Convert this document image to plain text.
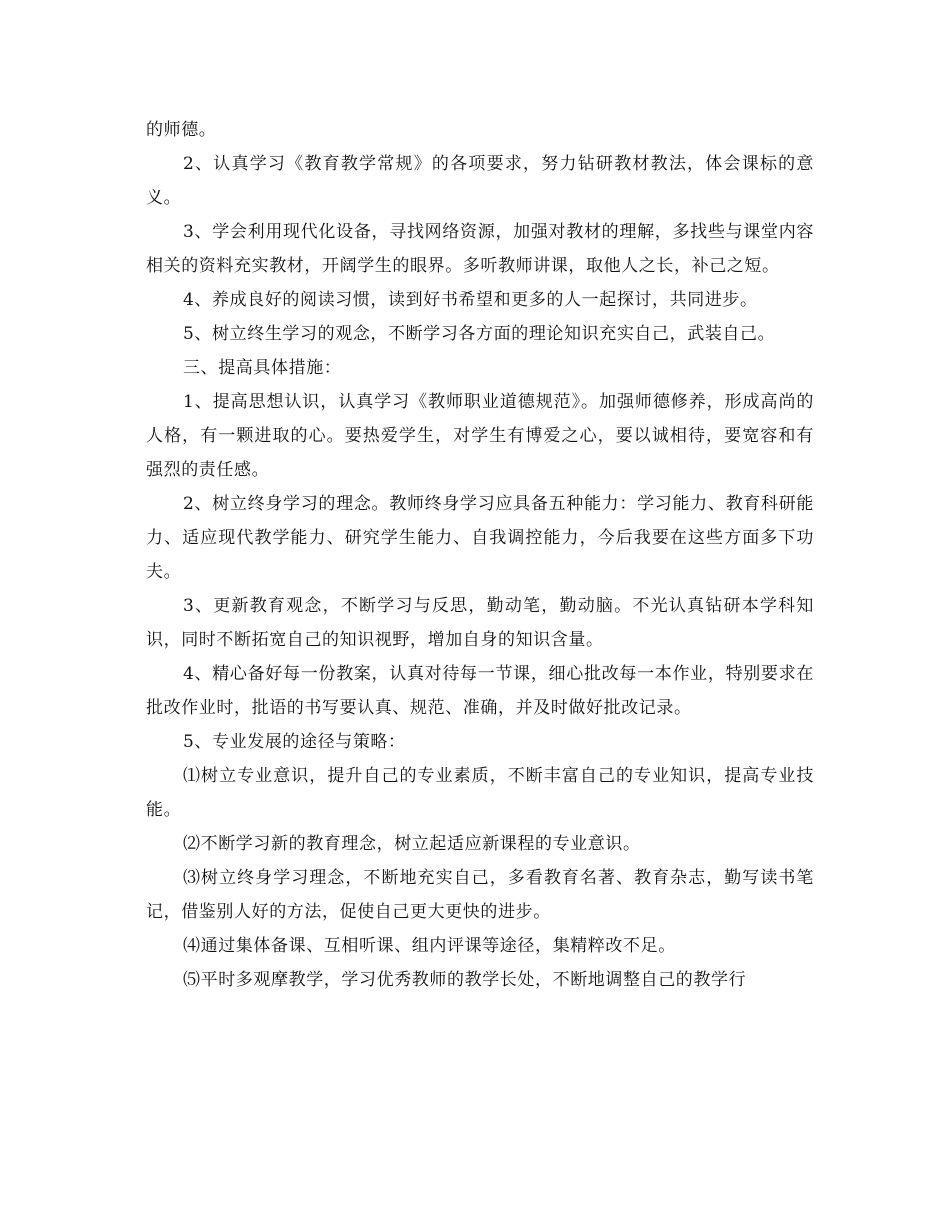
的师德。

2、认真学习《教育教学常规》的各项要求，努力钻研教材教法，体会课标的意义。

3、学会利用现代化设备，寻找网络资源，加强对教材的理解，多找些与课堂内容相关的资料充实教材，开阔学生的眼界。多听教师讲课，取他人之长，补己之短。

4、养成良好的阅读习惯，读到好书希望和更多的人一起探讨，共同进步。

5、树立终生学习的观念，不断学习各方面的理论知识充实自己，武装自己。

三、提高具体措施：

1、提高思想认识，认真学习《教师职业道德规范》。加强师德修养，形成高尚的人格，有一颗进取的心。要热爱学生，对学生有博爱之心，要以诚相待，要宽容和有强烈的责任感。

2、树立终身学习的理念。教师终身学习应具备五种能力：学习能力、教育科研能力、适应现代教学能力、研究学生能力、自我调控能力，今后我要在这些方面多下功夫。

3、更新教育观念，不断学习与反思，勤动笔，勤动脑。不光认真钻研本学科知识，同时不断拓宽自己的知识视野，增加自身的知识含量。

4、精心备好每一份教案，认真对待每一节课，细心批改每一本作业，特别要求在批改作业时，批语的书写要认真、规范、准确，并及时做好批改记录。

5、专业发展的途径与策略：

⑴树立专业意识，提升自己的专业素质，不断丰富自己的专业知识，提高专业技能。

⑵不断学习新的教育理念，树立起适应新课程的专业意识。

⑶树立终身学习理念，不断地充实自己，多看教育名著、教育杂志，勤写读书笔记，借鉴别人好的方法，促使自己更大更快的进步。

⑷通过集体备课、互相听课、组内评课等途径，集精粹改不足。

⑸平时多观摩教学，学习优秀教师的教学长处，不断地调整自己的教学行
